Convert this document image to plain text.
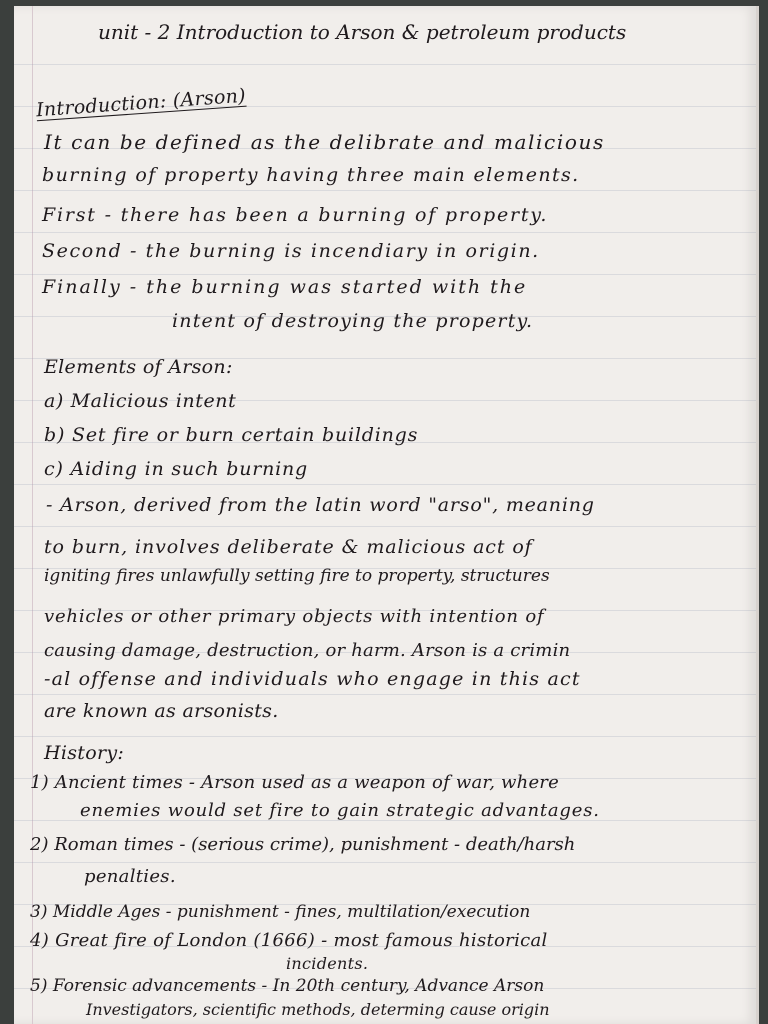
unit - 2 Introduction to Arson & petroleum products
Introduction: (Arson)
It can be defined as the delibrate and malicious
burning of property having three main elements.
First - there has been a burning of property.
Second - the burning is incendiary in origin.
Finally - the burning was started with the
intent of destroying the property.
Elements of Arson:
a) Malicious intent
b) Set fire or burn certain buildings
c) Aiding in such burning
- Arson, derived from the latin word "arso", meaning
to burn, involves deliberate & malicious act of
igniting fires unlawfully setting fire to property, structures
vehicles or other primary objects with intention of
causing damage, destruction, or harm. Arson is a crimin
-al offense and individuals who engage in this act
are known as arsonists.
History:
1) Ancient times - Arson used as a weapon of war, where
enemies would set fire to gain strategic advantages.
2) Roman times - (serious crime), punishment - death/harsh
penalties.
3) Middle Ages - punishment - fines, multilation/execution
4) Great fire of London (1666) - most famous historical
incidents.
5) Forensic advancements - In 20th century, Advance Arson
Investigators, scientific methods, determing cause origin
